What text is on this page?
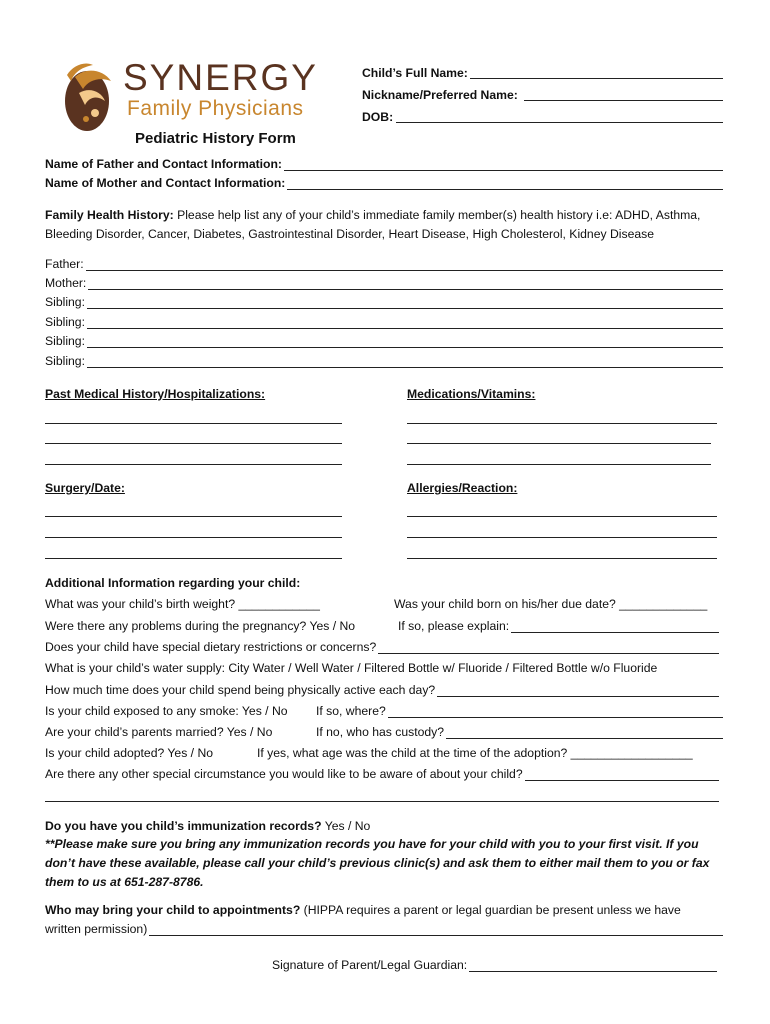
SYNERGY
Family Physicians
Child’s Full Name:
Nickname/Preferred Name:
DOB:
Pediatric History Form
Name of Father and Contact Information:
Name of Mother and Contact Information:
Family Health History: Please help list any of your child’s immediate family member(s) health history i.e: ADHD, Asthma,
Bleeding Disorder, Cancer, Diabetes, Gastrointestinal Disorder, Heart Disease, High Cholesterol, Kidney Disease
Father:
Mother:
Sibling:
Sibling:
Sibling:
Sibling:
Past Medical History/Hospitalizations:	Medications/Vitamins:
Surgery/Date:	Allergies/Reaction:
Additional Information regarding your child:
What was your child’s birth weight? ____________	Was your child born on his/her due date? _____________
Were there any problems during the pregnancy? Yes / No	If so, please explain:
Does your child have special dietary restrictions or concerns?
What is your child’s water supply: City Water / Well Water / Filtered Bottle w/ Fluoride / Filtered Bottle w/o Fluoride
How much time does your child spend being physically active each day?
Is your child exposed to any smoke: Yes / No If so, where?
Are your child’s parents married? Yes / No	If no, who has custody?
Is your child adopted? Yes / No	If yes, what age was the child at the time of the adoption? __________________
Are there any other special circumstance you would like to be aware of about your child?
Do you have you child’s immunization records? Yes / No
**Please make sure you bring any immunization records you have for your child with you to your first visit. If you
don’t have these available, please call your child’s previous clinic(s) and ask them to either mail them to you or fax
them to us at 651-287-8786.
Who may bring your child to appointments? (HIPPA requires a parent or legal guardian be present unless we have
written permission)
Signature of Parent/Legal Guardian:
